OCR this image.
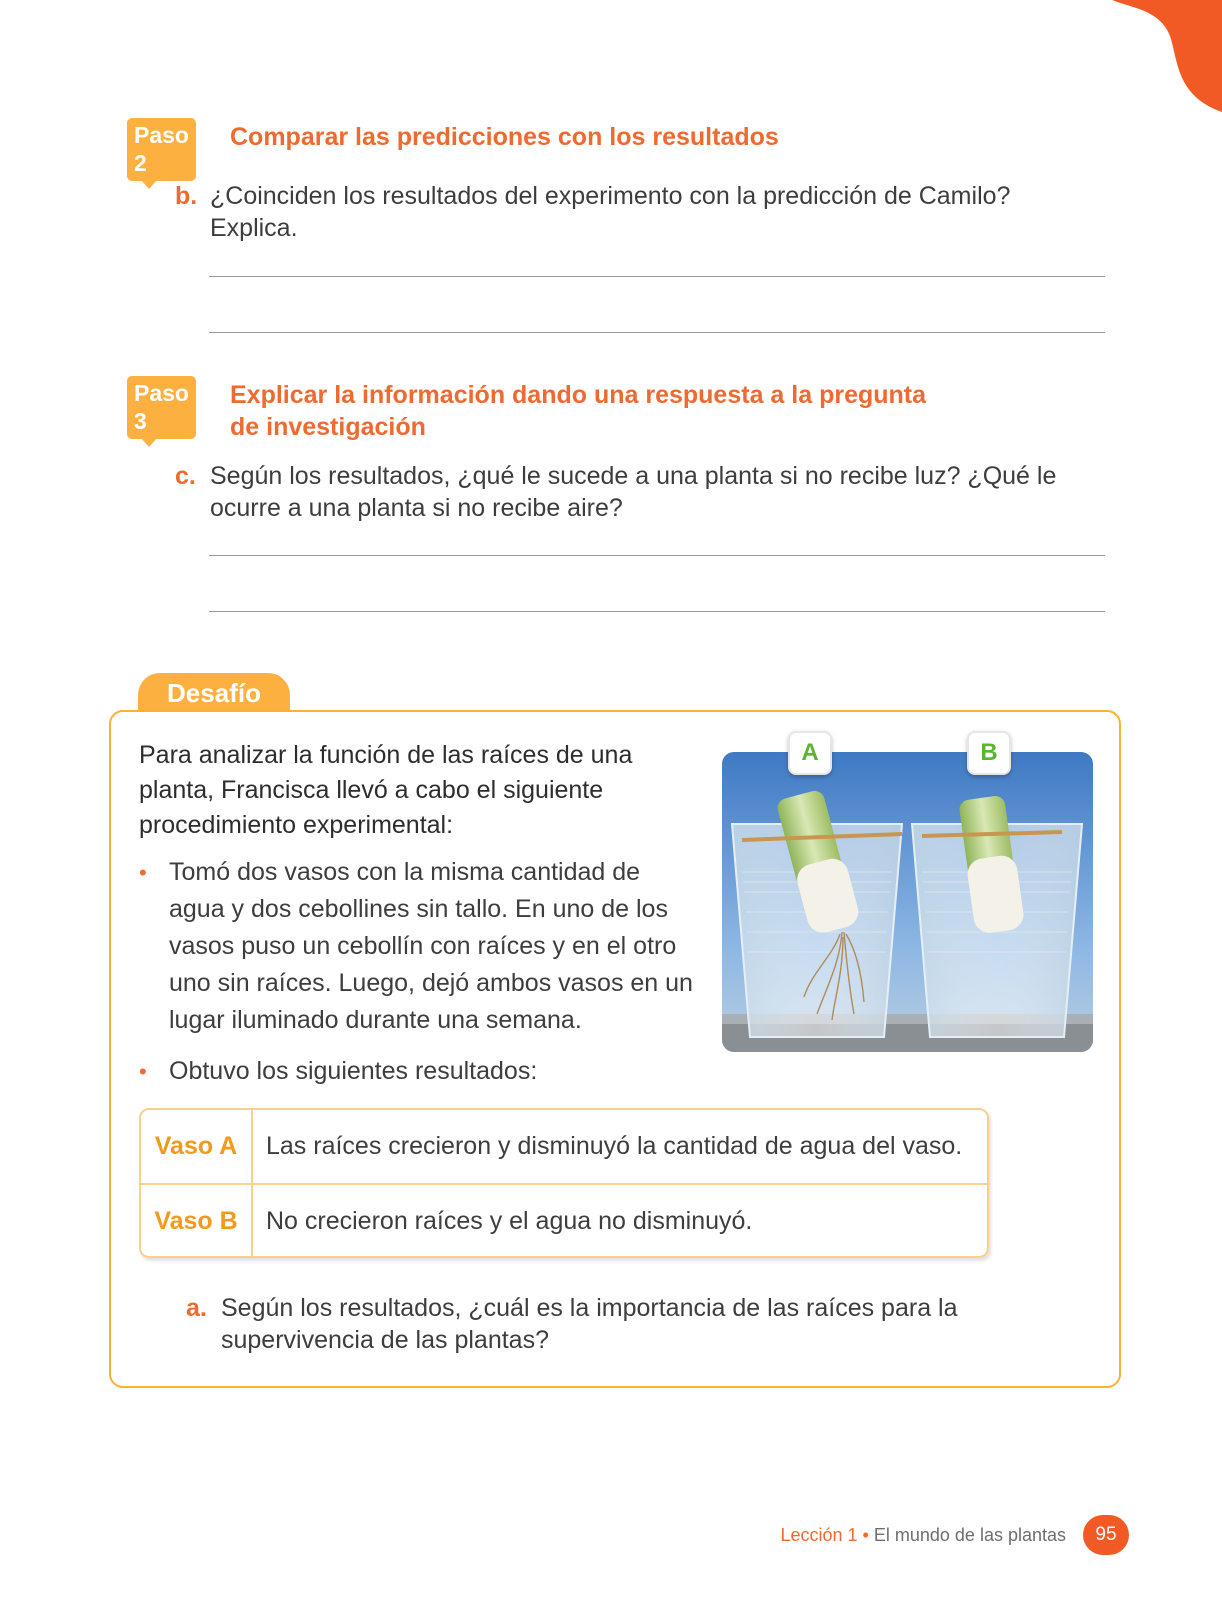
Paso 2
Comparar las predicciones con los resultados
b. ¿Coinciden los resultados del experimento con la predicción de Camilo? Explica.
Paso 3
Explicar la información dando una respuesta a la pregunta de investigación
c. Según los resultados, ¿qué le sucede a una planta si no recibe luz? ¿Qué le ocurre a una planta si no recibe aire?
Desafío
Para analizar la función de las raíces de una planta, Francisca llevó a cabo el siguiente procedimiento experimental:
• Tomó dos vasos con la misma cantidad de agua y dos cebollines sin tallo. En uno de los vasos puso un cebollín con raíces y en el otro uno sin raíces. Luego, dejó ambos vasos en un lugar iluminado durante una semana.
• Obtuvo los siguientes resultados:
A	B
Vaso A	Las raíces crecieron y disminuyó la cantidad de agua del vaso.
Vaso B	No crecieron raíces y el agua no disminuyó.
a. Según los resultados, ¿cuál es la importancia de las raíces para la supervivencia de las plantas?
Lección 1 • El mundo de las plantas	95
